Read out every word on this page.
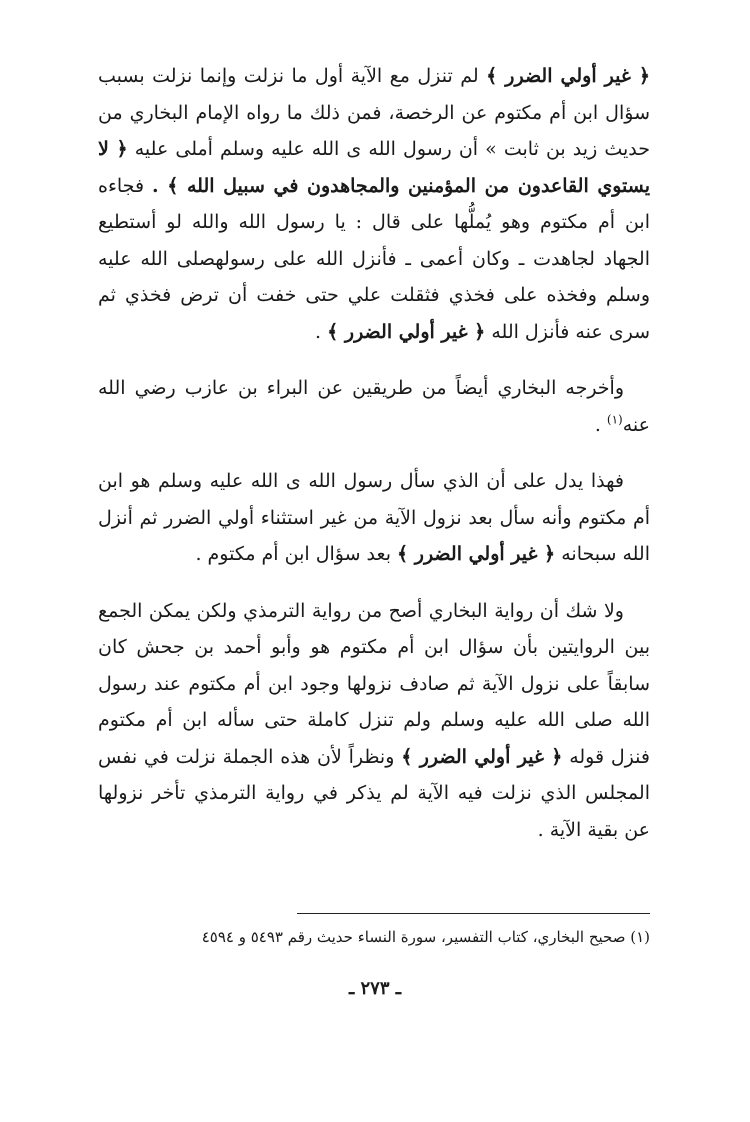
﴿ غير أولي الضرر ﴾ لم تنزل مع الآية أول ما نزلت وإنما نزلت بسبب سؤال ابن أم مكتوم عن الرخصة، فمن ذلك ما رواه الإمام البخاري من حديث زيد بن ثابت » أن رسول الله ى الله عليه وسلم أملى عليه ﴿ لا يستوي القاعدون من المؤمنين والمجاهدون في سبيل الله ﴾ . فجاءه ابن أم مكتوم وهو يُملُّها على قال : يا رسول الله والله لو أستطيع الجهاد لجاهدت ـ وكان أعمى ـ فأنزل الله على رسولهصلى الله عليه وسلم وفخذه على فخذي فثقلت علي حتى خفت أن ترض فخذي ثم سرى عنه فأنزل الله ﴿ غير أولي الضرر ﴾ .

وأخرجه البخاري أيضاً من طريقين عن البراء بن عازب رضي الله عنه$^{(١)}$ .

فهذا يدل على أن الذي سأل رسول الله ى الله عليه وسلم هو ابن أم مكتوم وأنه سأل بعد نزول الآية من غير استثناء أولي الضرر ثم أنزل الله سبحانه ﴿ غير أولي الضرر ﴾ بعد سؤال ابن أم مكتوم .

ولا شك أن رواية البخاري أصح من رواية الترمذي ولكن يمكن الجمع بين الروايتين بأن سؤال ابن أم مكتوم هو وأبو أحمد بن جحش كان سابقاً على نزول الآية ثم صادف نزولها وجود ابن أم مكتوم عند رسول الله صلى الله عليه وسلم ولم تنزل كاملة حتى سأله ابن أم مكتوم فنزل قوله ﴿ غير أولي الضرر ﴾ ونظراً لأن هذه الجملة نزلت في نفس المجلس الذي نزلت فيه الآية لم يذكر في رواية الترمذي تأخر نزولها عن بقية الآية .

(١) صحيح البخاري، كتاب التفسير، سورة النساء حديث رقم ٥٤٩٣ و ٤٥٩٤
ـ ٢٧٣ ـ
